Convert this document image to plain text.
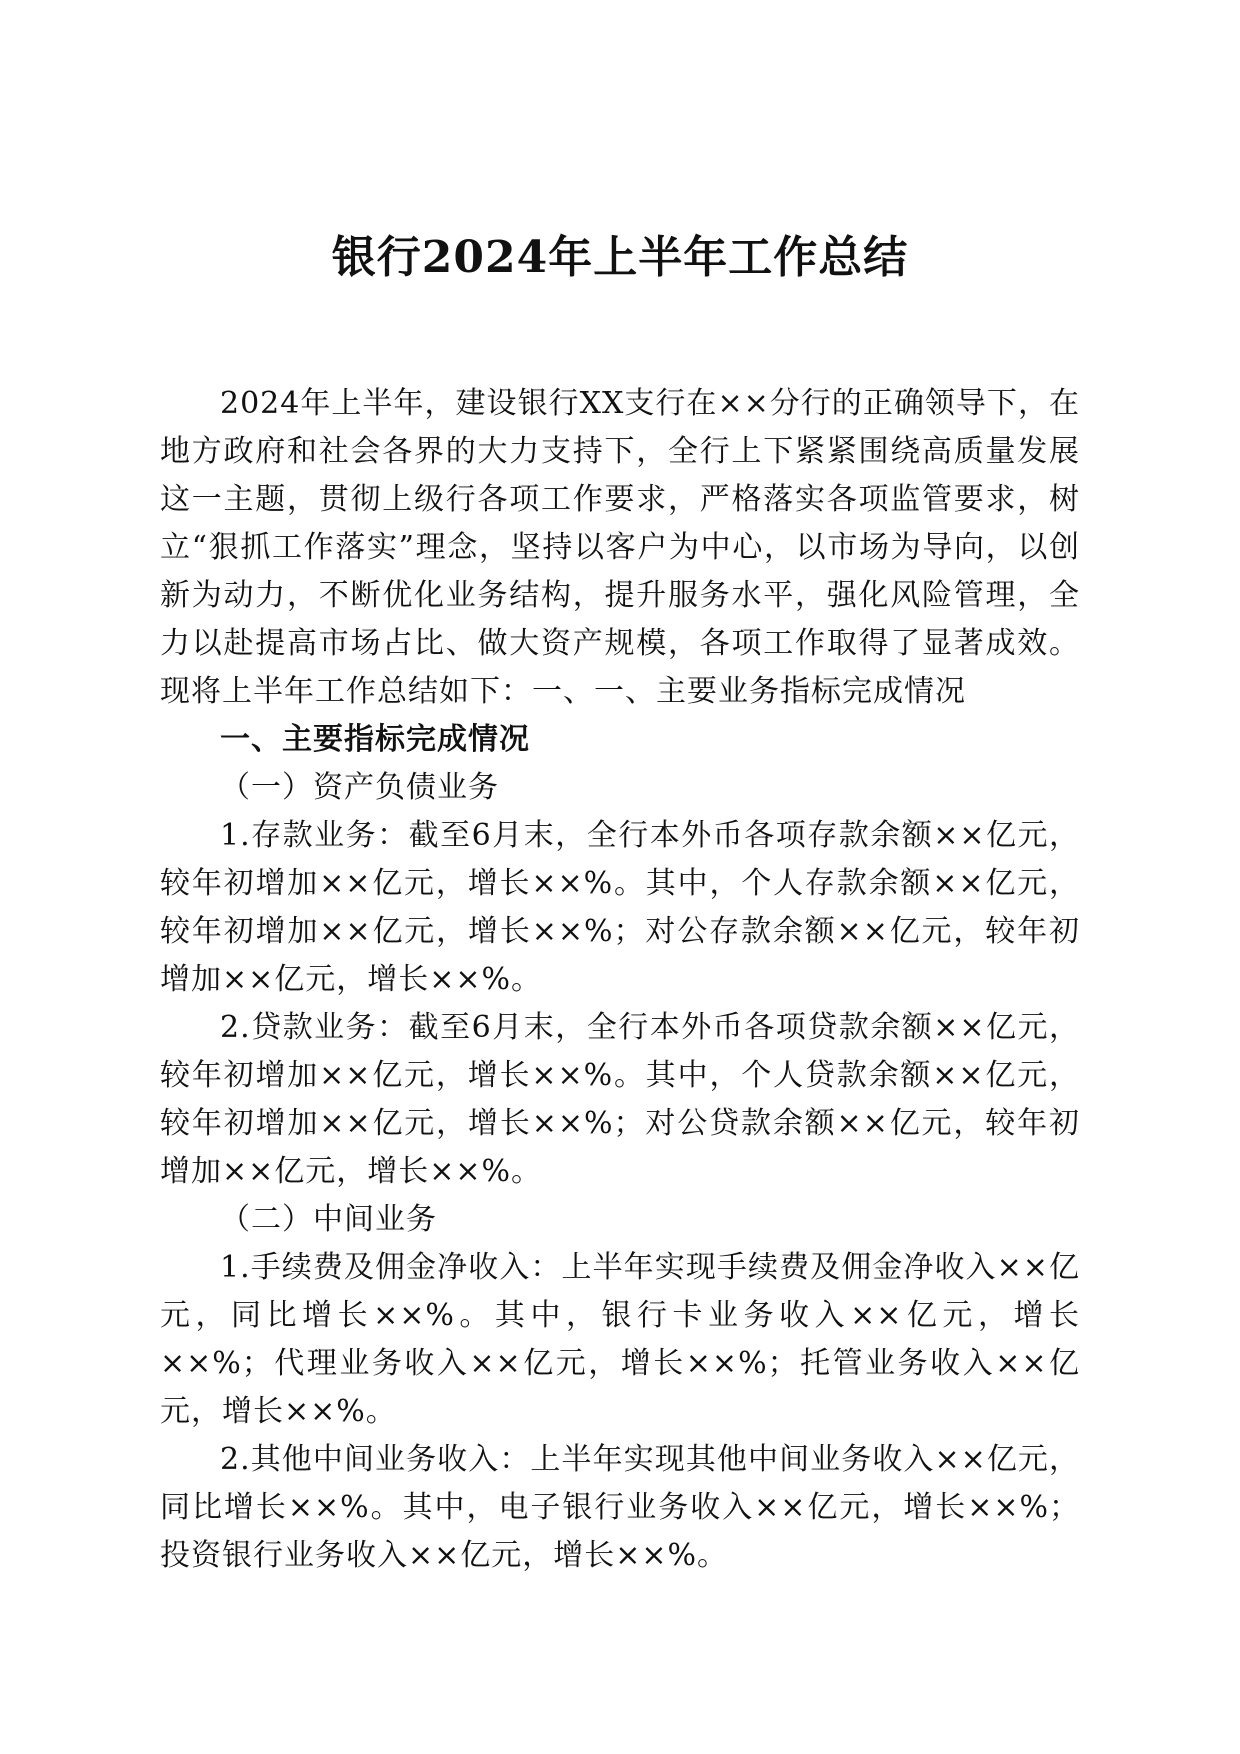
银行2024年上半年工作总结

2024年上半年，建设银行XX支行在××分行的正确领导下，在地方政府和社会各界的大力支持下，全行上下紧紧围绕高质量发展这一主题，贯彻上级行各项工作要求，严格落实各项监管要求，树立“狠抓工作落实”理念，坚持以客户为中心，以市场为导向，以创新为动力，不断优化业务结构，提升服务水平，强化风险管理，全力以赴提高市场占比、做大资产规模，各项工作取得了显著成效。现将上半年工作总结如下：一、一、主要业务指标完成情况

一、主要指标完成情况

（一）资产负债业务

1.存款业务：截至6月末，全行本外币各项存款余额××亿元，较年初增加××亿元，增长××%。其中，个人存款余额××亿元，较年初增加××亿元，增长××%；对公存款余额××亿元，较年初增加××亿元，增长××%。

2.贷款业务：截至6月末，全行本外币各项贷款余额××亿元，较年初增加××亿元，增长××%。其中，个人贷款余额××亿元，较年初增加××亿元，增长××%；对公贷款余额××亿元，较年初增加××亿元，增长××%。

（二）中间业务

1.手续费及佣金净收入：上半年实现手续费及佣金净收入××亿元，同比增长××%。其中，银行卡业务收入××亿元，增长××%；代理业务收入××亿元，增长××%；托管业务收入××亿元，增长××%。

2.其他中间业务收入：上半年实现其他中间业务收入××亿元，同比增长××%。其中，电子银行业务收入××亿元，增长××%；投资银行业务收入××亿元，增长××%。
